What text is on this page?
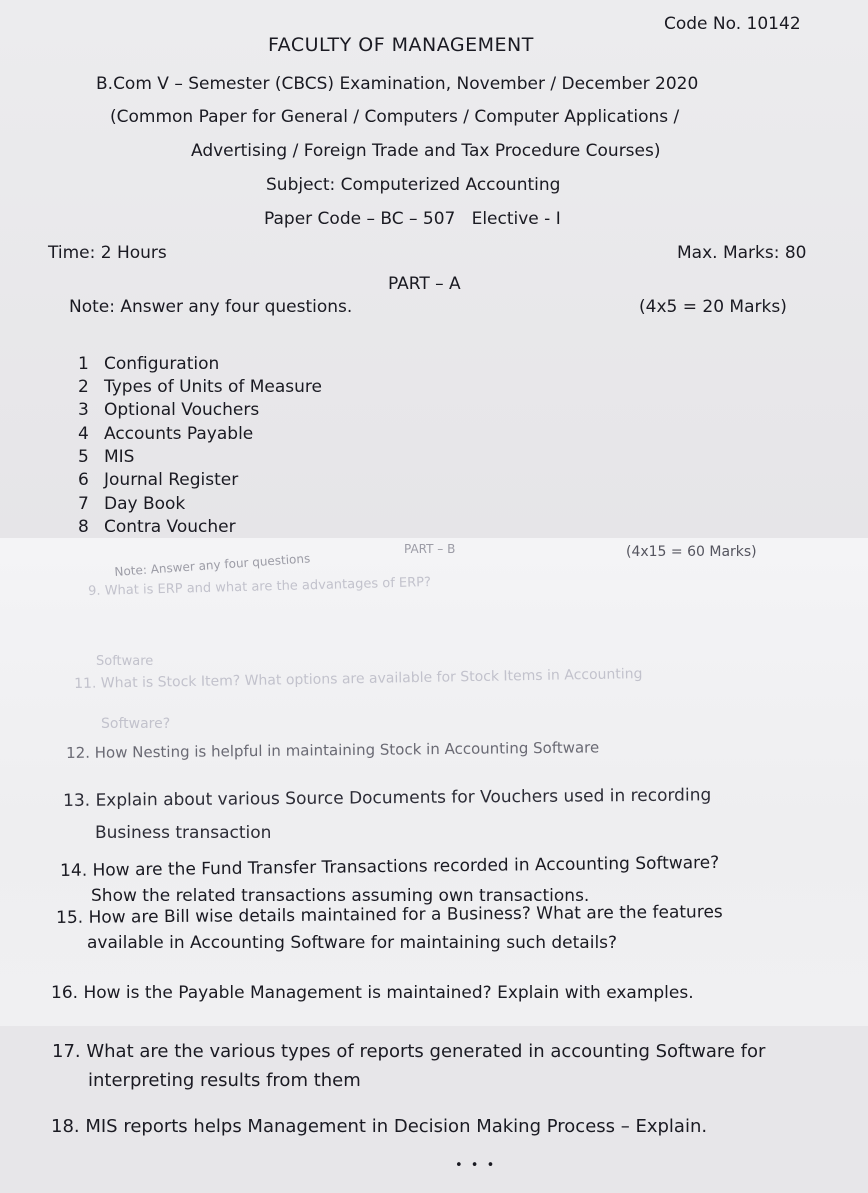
Code No. 10142
FACULTY OF MANAGEMENT
B.Com V – Semester (CBCS) Examination, November / December 2020
(Common Paper for General / Computers / Computer Applications /
Advertising / Foreign Trade and Tax Procedure Courses)
Subject: Computerized Accounting
Paper Code – BC – 507   Elective - I
Time: 2 Hours	Max. Marks: 80
PART – A
Note: Answer any four questions.	(4x5 = 20 Marks)
1 Configuration
2 Types of Units of Measure
3 Optional Vouchers
4 Accounts Payable
5 MIS
6 Journal Register
7 Day Book
8 Contra Voucher
PART – B
Note: Answer any four questions	(4x15 = 60 Marks)
9. What is ERP and what are the advantages of ERP?
Software
11. What is Stock Item? What options are available for Stock Items in Accounting
Software?
12. How Nesting is helpful in maintaining Stock in Accounting Software
13. Explain about various Source Documents for Vouchers used in recording
Business transaction
14. How are the Fund Transfer Transactions recorded in Accounting Software?
Show the related transactions assuming own transactions.
15. How are Bill wise details maintained for a Business? What are the features
available in Accounting Software for maintaining such details?
16. How is the Payable Management is maintained? Explain with examples.
17. What are the various types of reports generated in accounting Software for
interpreting results from them
18. MIS reports helps Management in Decision Making Process – Explain.
• • •
